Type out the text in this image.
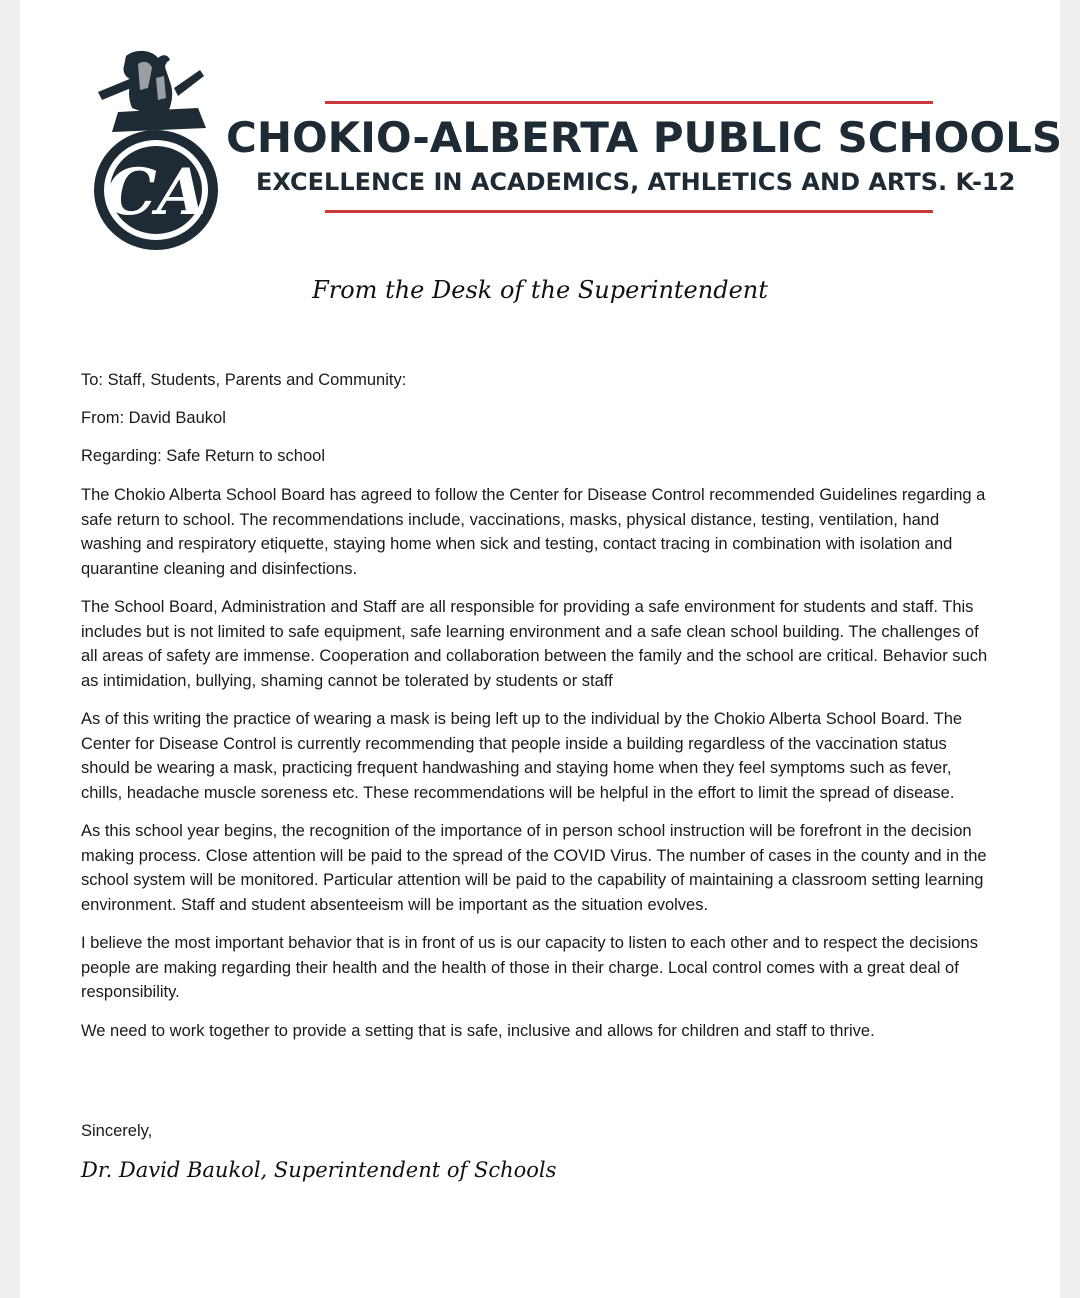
CA
CHOKIO-ALBERTA PUBLIC SCHOOLS
EXCELLENCE IN ACADEMICS, ATHLETICS AND ARTS. K-12
From the Desk of the Superintendent
To: Staff, Students, Parents and Community:
From: David Baukol
Regarding: Safe Return to school

The Chokio Alberta School Board has agreed to follow the Center for Disease Control recommended Guidelines regarding a safe return to school. The recommendations include, vaccinations, masks, physical distance, testing, ventilation, hand washing and respiratory etiquette, staying home when sick and testing, contact tracing in combination with isolation and quarantine cleaning and disinfections.

The School Board, Administration and Staff are all responsible for providing a safe environment for students and staff. This includes but is not limited to safe equipment, safe learning environment and a safe clean school building. The challenges of all areas of safety are immense. Cooperation and collaboration between the family and the school are critical. Behavior such as intimidation, bullying, shaming cannot be tolerated by students or staff

As of this writing the practice of wearing a mask is being left up to the individual by the Chokio Alberta School Board. The Center for Disease Control is currently recommending that people inside a building regardless of the vaccination status should be wearing a mask, practicing frequent handwashing and staying home when they feel symptoms such as fever, chills, headache muscle soreness etc. These recommendations will be helpful in the effort to limit the spread of disease.

As this school year begins, the recognition of the importance of in person school instruction will be forefront in the decision making process. Close attention will be paid to the spread of the COVID Virus. The number of cases in the county and in the school system will be monitored. Particular attention will be paid to the capability of maintaining a classroom setting learning environment. Staff and student absenteeism will be important as the situation evolves.

I believe the most important behavior that is in front of us is our capacity to listen to each other and to respect the decisions people are making regarding their health and the health of those in their charge. Local control comes with a great deal of responsibility.

We need to work together to provide a setting that is safe, inclusive and allows for children and staff to thrive.

Sincerely,
Dr. David Baukol, Superintendent of Schools
